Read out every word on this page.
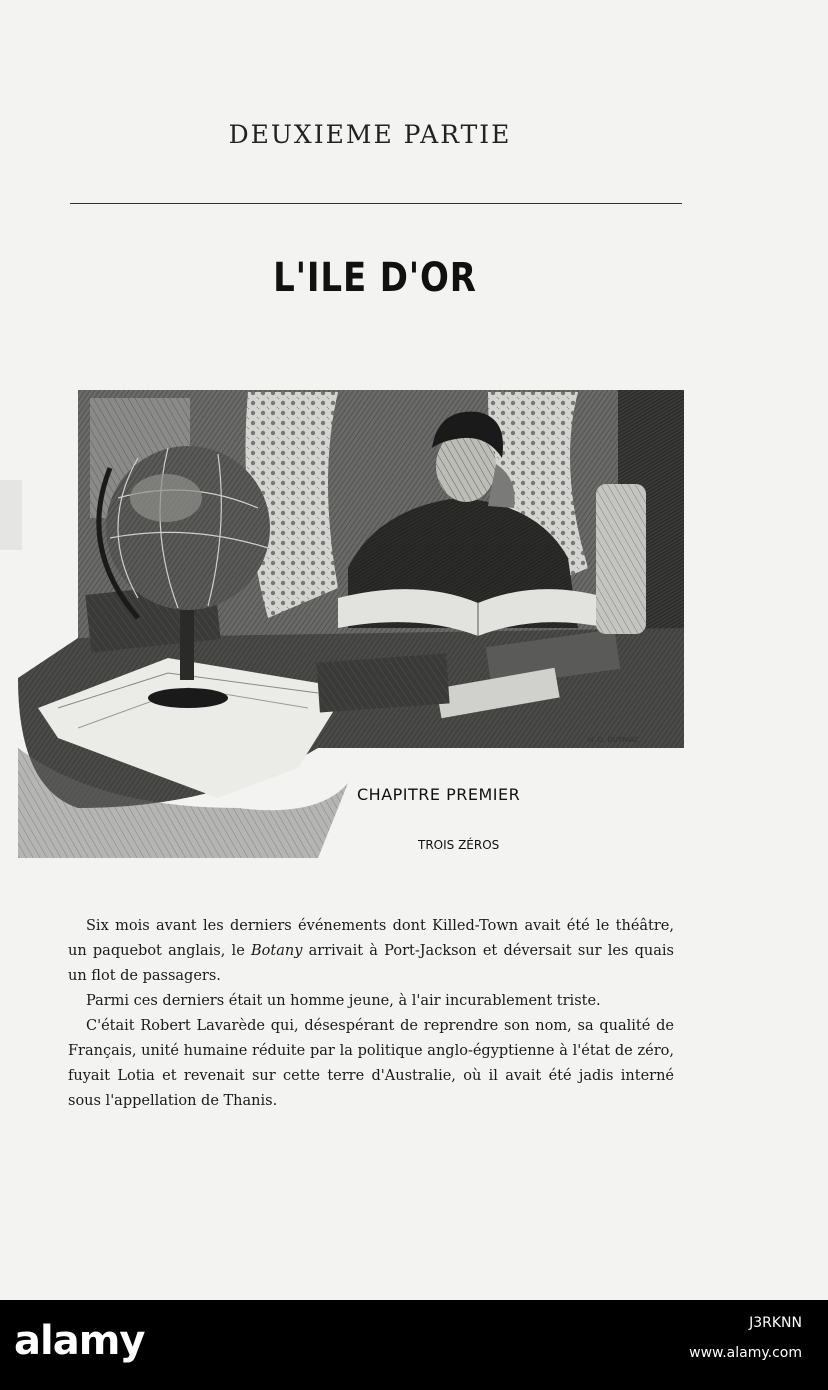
DEUXIEME PARTIE
L'ILE D'OR
H. G. DUTRIAC
CHAPITRE PREMIER
TROIS ZÉROS

Six mois avant les derniers événements dont Killed-Town avait été le théâtre, un paquebot anglais, le Botany arrivait à Port-Jackson et déversait sur les quais un flot de passagers.

Parmi ces derniers était un homme jeune, à l'air incurablement triste.

C'était Robert Lavarède qui, désespérant de reprendre son nom, sa qualité de Français, unité humaine réduite par la politique anglo-égyptienne à l'état de zéro, fuyait Lotia et revenait sur cette terre d'Australie, où il avait été jadis interné sous l'appellation de Thanis.

alamy	J3RKNN
www.alamy.com
